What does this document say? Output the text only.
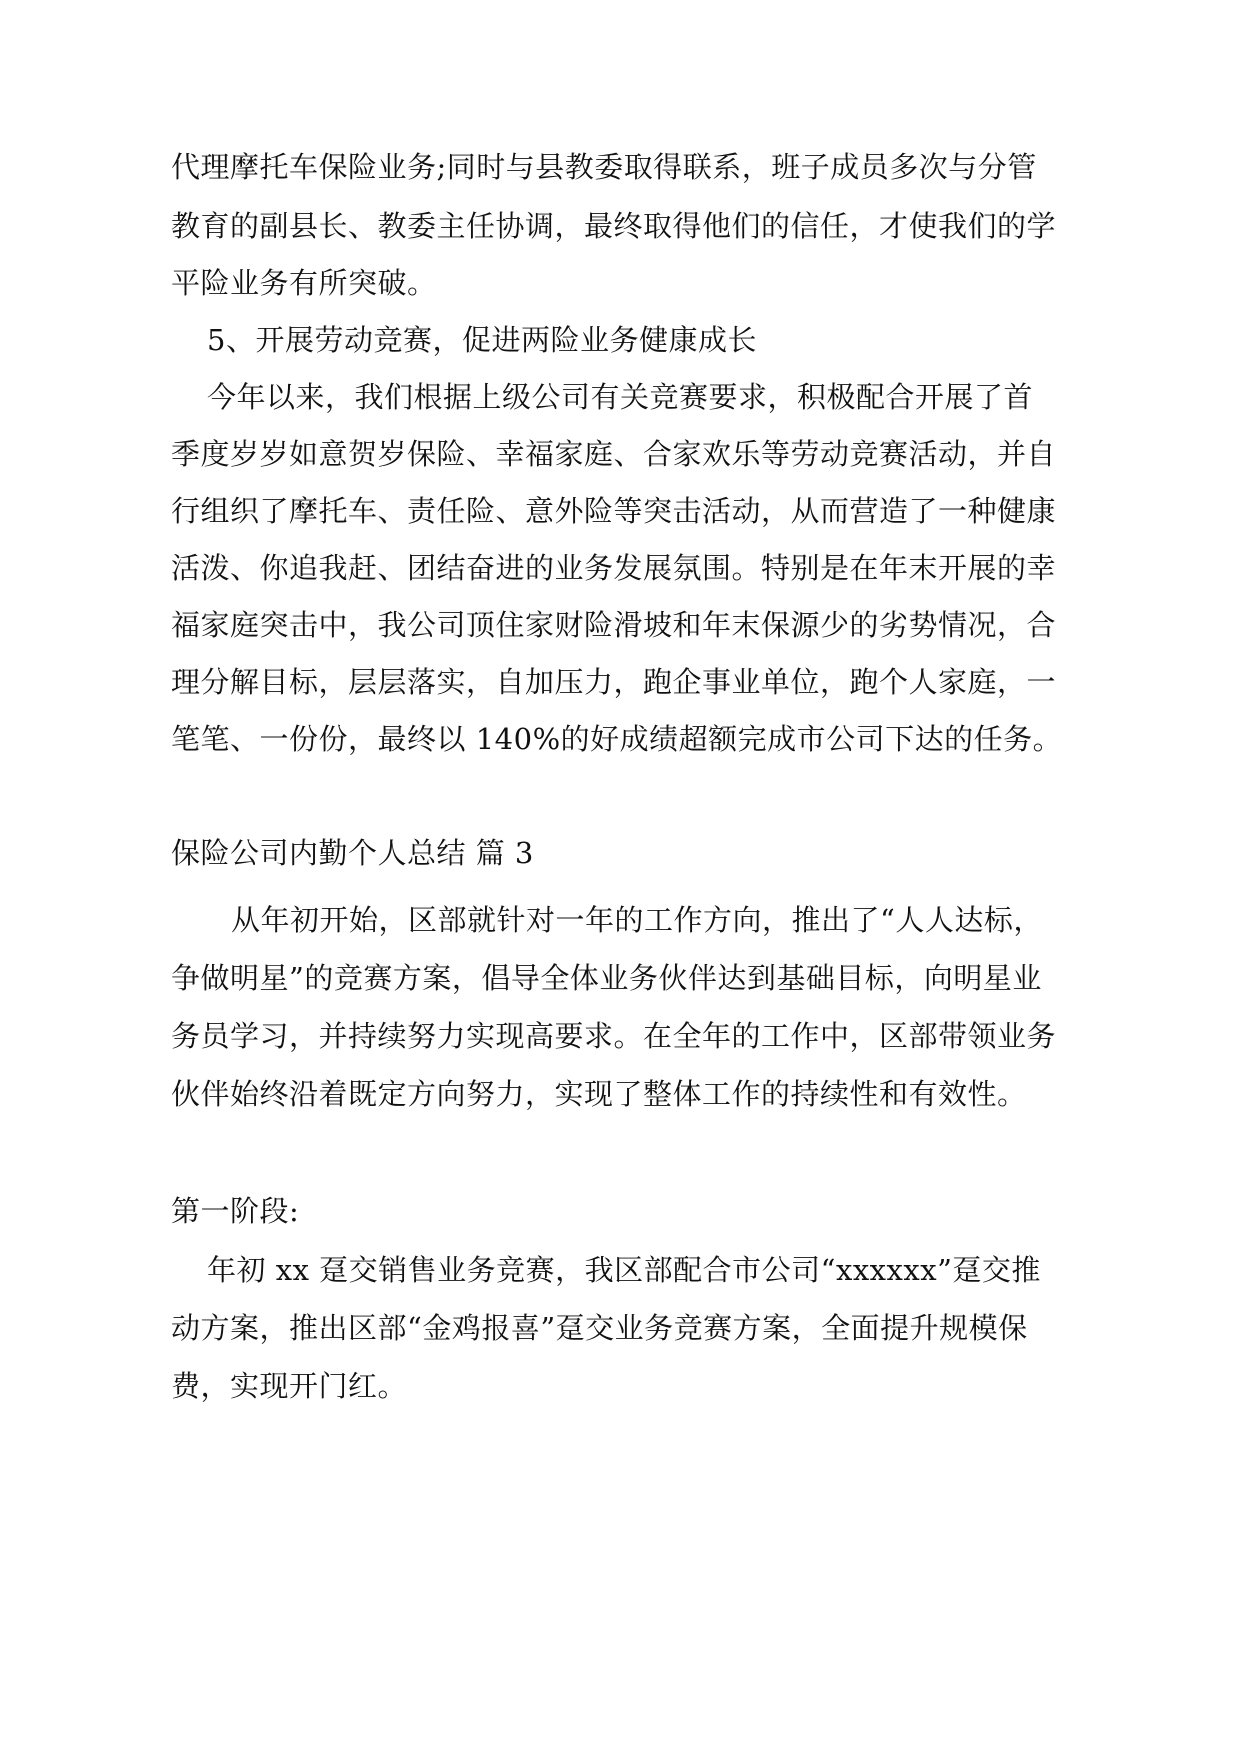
代理摩托车保险业务;同时与县教委取得联系，班子成员多次与分管
教育的副县长、教委主任协调，最终取得他们的信任，才使我们的学
平险业务有所突破。
5、开展劳动竞赛，促进两险业务健康成长
今年以来，我们根据上级公司有关竞赛要求，积极配合开展了首
季度岁岁如意贺岁保险、幸福家庭、合家欢乐等劳动竞赛活动，并自
行组织了摩托车、责任险、意外险等突击活动，从而营造了一种健康
活泼、你追我赶、团结奋进的业务发展氛围。特别是在年末开展的幸
福家庭突击中，我公司顶住家财险滑坡和年末保源少的劣势情况，合
理分解目标，层层落实，自加压力，跑企事业单位，跑个人家庭，一
笔笔、一份份，最终以 140%的好成绩超额完成市公司下达的任务。
保险公司内勤个人总结 篇 3
从年初开始，区部就针对一年的工作方向，推出了“人人达标，
争做明星”的竞赛方案，倡导全体业务伙伴达到基础目标，向明星业
务员学习，并持续努力实现高要求。在全年的工作中，区部带领业务
伙伴始终沿着既定方向努力，实现了整体工作的持续性和有效性。
第一阶段:
年初 xx 趸交销售业务竞赛，我区部配合市公司“xxxxxx”趸交推
动方案，推出区部“金鸡报喜”趸交业务竞赛方案，全面提升规模保
费，实现开门红。
